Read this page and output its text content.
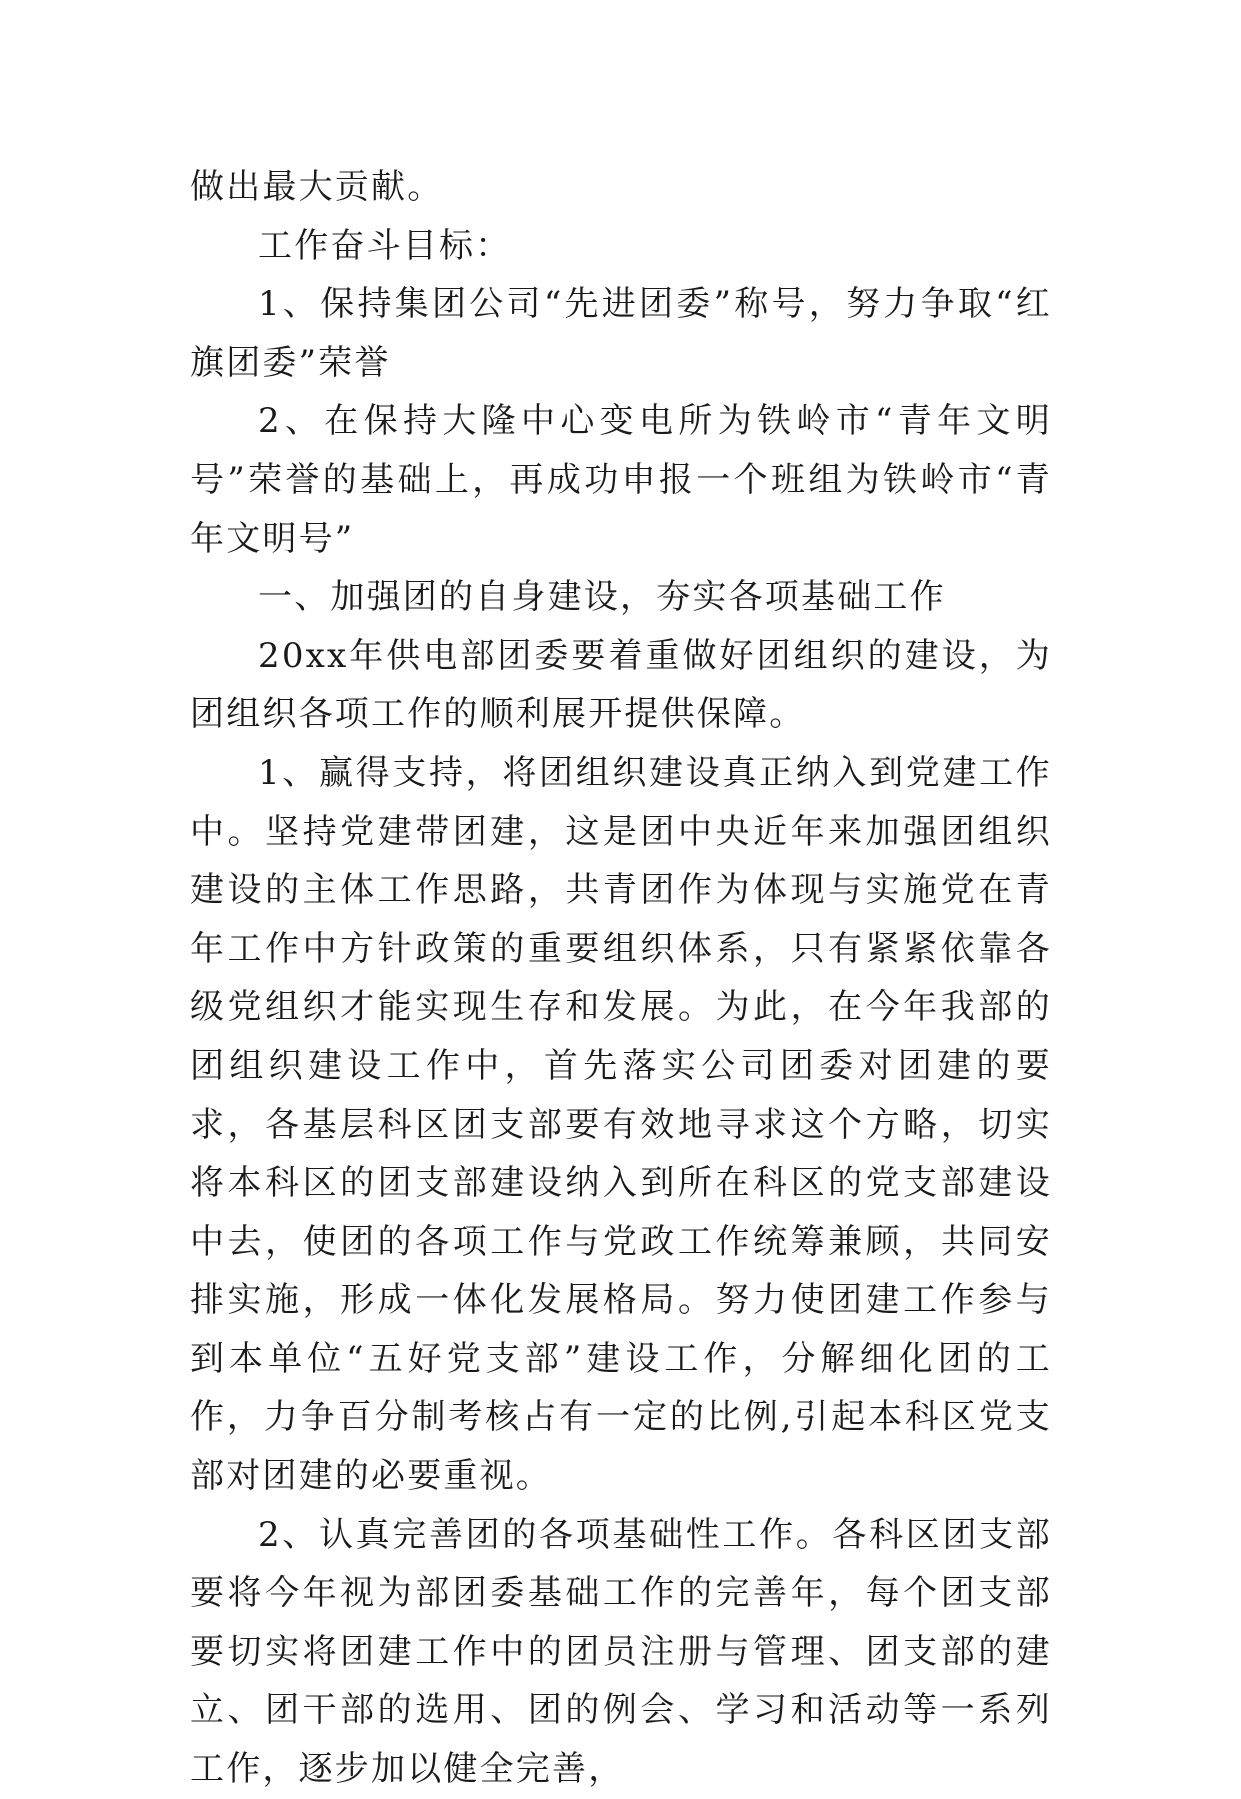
做出最大贡献。

工作奋斗目标：

1、保持集团公司“先进团委”称号，努力争取“红旗团委”荣誉

2、在保持大隆中心变电所为铁岭市“青年文明号”荣誉的基础上，再成功申报一个班组为铁岭市“青年文明号”

一、加强团的自身建设，夯实各项基础工作

20xx年供电部团委要着重做好团组织的建设，为团组织各项工作的顺利展开提供保障。

1、赢得支持，将团组织建设真正纳入到党建工作中。坚持党建带团建，这是团中央近年来加强团组织建设的主体工作思路，共青团作为体现与实施党在青年工作中方针政策的重要组织体系，只有紧紧依靠各级党组织才能实现生存和发展。为此，在今年我部的团组织建设工作中，首先落实公司团委对团建的要求，各基层科区团支部要有效地寻求这个方略，切实将本科区的团支部建设纳入到所在科区的党支部建设中去，使团的各项工作与党政工作统筹兼顾，共同安排实施，形成一体化发展格局。努力使团建工作参与到本单位“五好党支部”建设工作，分解细化团的工作，力争百分制考核占有一定的比例,引起本科区党支部对团建的必要重视。

2、认真完善团的各项基础性工作。各科区团支部要将今年视为部团委基础工作的完善年，每个团支部要切实将团建工作中的团员注册与管理、团支部的建立、团干部的选用、团的例会、学习和活动等一系列工作，逐步加以健全完善，
